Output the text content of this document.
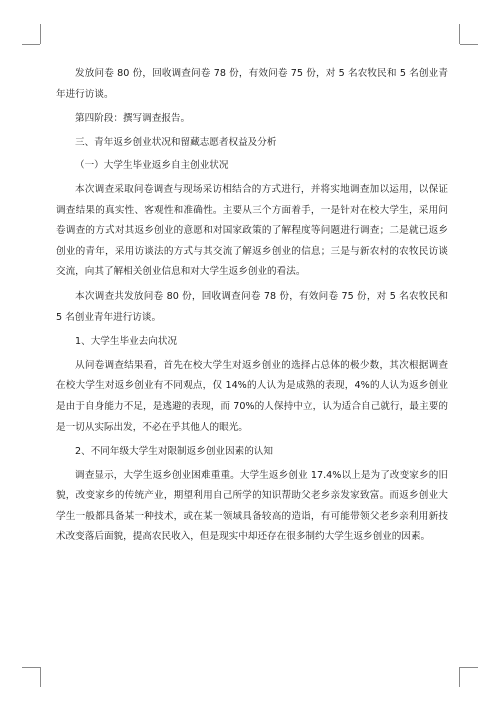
发放问卷 80 份，回收调查问卷 78 份，有效问卷 75 份，对 5 名农牧民和 5 名创业青年进行访谈。

第四阶段：撰写调查报告。

三、青年返乡创业状况和留藏志愿者权益及分析

（一）大学生毕业返乡自主创业状况

本次调查采取问卷调查与现场采访相结合的方式进行，并将实地调查加以运用，以保证调查结果的真实性、客观性和准确性。主要从三个方面着手，一是针对在校大学生，采用问卷调查的方式对其返乡创业的意愿和对国家政策的了解程度等问题进行调查；二是就已返乡创业的青年，采用访谈法的方式与其交流了解返乡创业的信息；三是与新农村的农牧民访谈交流，向其了解相关创业信息和对大学生返乡创业的看法。

本次调查共发放问卷 80 份，回收调查问卷 78 份，有效问卷 75 份，对 5 名农牧民和 5 名创业青年进行访谈。

1、大学生毕业去向状况

从问卷调查结果看，首先在校大学生对返乡创业的选择占总体的极少数，其次根据调查在校大学生对返乡创业有不同观点，仅 14%的人认为是成熟的表现，4%的人认为返乡创业是由于自身能力不足，是逃避的表现，而 70%的人保持中立，认为适合自己就行，最主要的是一切从实际出发，不必在乎其他人的眼光。

2、不同年级大学生对限制返乡创业因素的认知

调查显示，大学生返乡创业困难重重。大学生返乡创业 17.4%以上是为了改变家乡的旧貌，改变家乡的传统产业，期望利用自己所学的知识帮助父老乡亲发家致富。而返乡创业大学生一般都具备某一种技术，或在某一领域具备较高的造诣，有可能带领父老乡亲利用新技术改变落后面貌，提高农民收入，但是现实中却还存在很多制约大学生返乡创业的因素。
